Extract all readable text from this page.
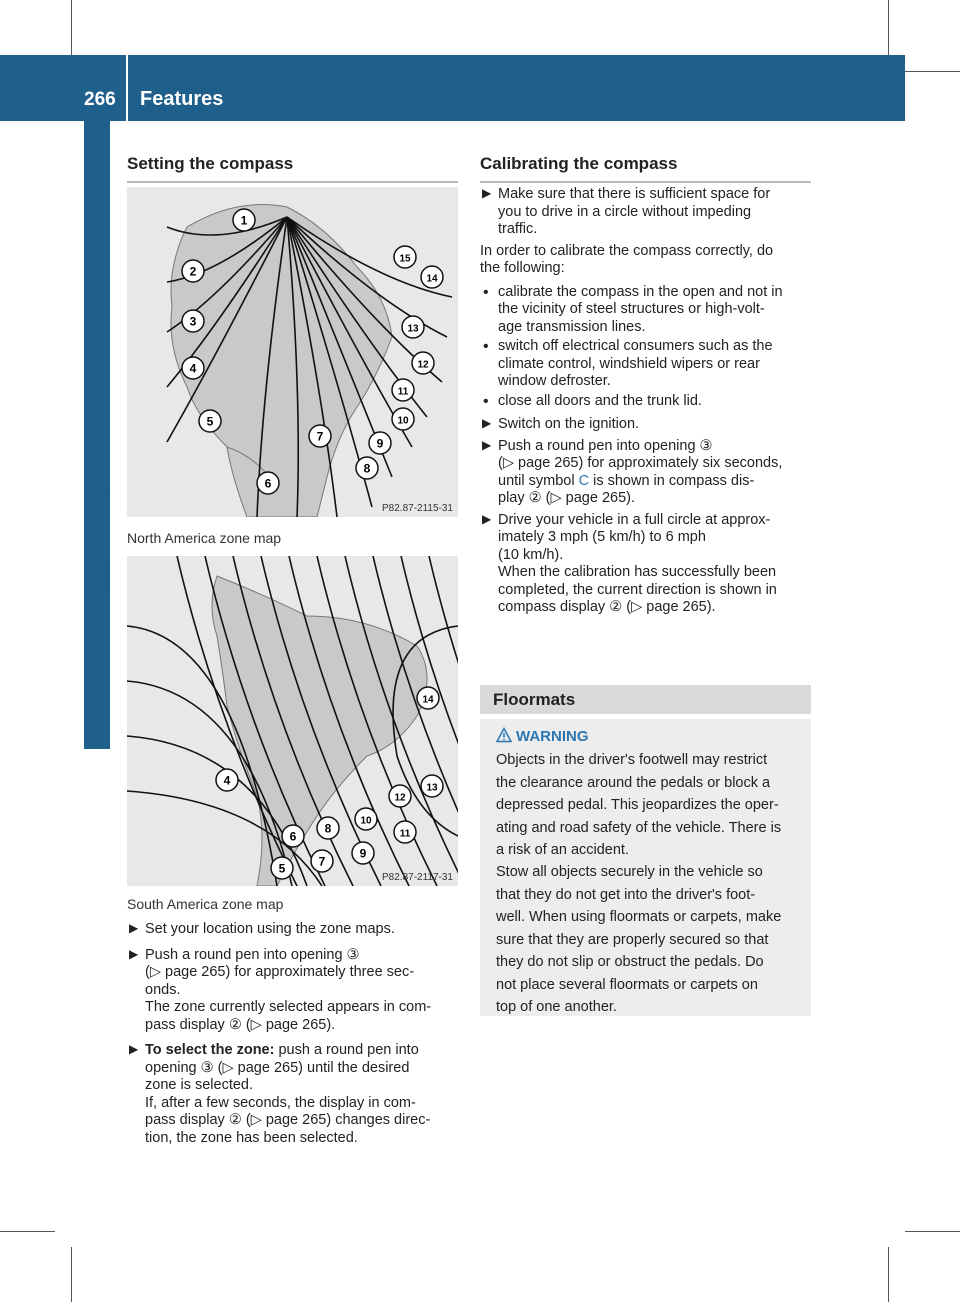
266 Features
Stowage and features
Setting the compass
1
2
3
4
5
6
7
8
9
10
11
12
13
14
15
P82.87-2115-31
North America zone map
4
5
6
7
8
9
10
11
12
13
14
P82.87-2117-31
South America zone map
▶ Set your location using the zone maps.

▶ Push a round pen into opening ③

(▷ page 265) for approximately three sec-

onds.

The zone currently selected appears in com-

pass display ② (▷ page 265).

▶ To select the zone: push a round pen into

opening ③ (▷ page 265) until the desired

zone is selected.

If, after a few seconds, the display in com-

pass display ② (▷ page 265) changes direc-

tion, the zone has been selected.

Calibrating the compass
▶ Make sure that there is sufficient space for

you to drive in a circle without impeding

traffic.

In order to calibrate the compass correctly, do

the following:

• calibrate the compass in the open and not in

the vicinity of steel structures or high-volt-

age transmission lines.

• switch off electrical consumers such as the

climate control, windshield wipers or rear

window defroster.

• close all doors and the trunk lid.

▶ Switch on the ignition.

▶ Push a round pen into opening ③

(▷ page 265) for approximately six seconds,

until symbol C is shown in compass dis-

play ② (▷ page 265).

▶ Drive your vehicle in a full circle at approx-

imately 3 mph (5 km/h) to 6 mph

(10 km/h).

When the calibration has successfully been

completed, the current direction is shown in

compass display ② (▷ page 265).

Floormats
WARNING
Objects in the driver's footwell may restrict
the clearance around the pedals or block a
depressed pedal. This jeopardizes the oper-
ating and road safety of the vehicle. There is
a risk of an accident.
Stow all objects securely in the vehicle so
that they do not get into the driver's foot-
well. When using floormats or carpets, make
sure that they are properly secured so that
they do not slip or obstruct the pedals. Do
not place several floormats or carpets on
top of one another.
